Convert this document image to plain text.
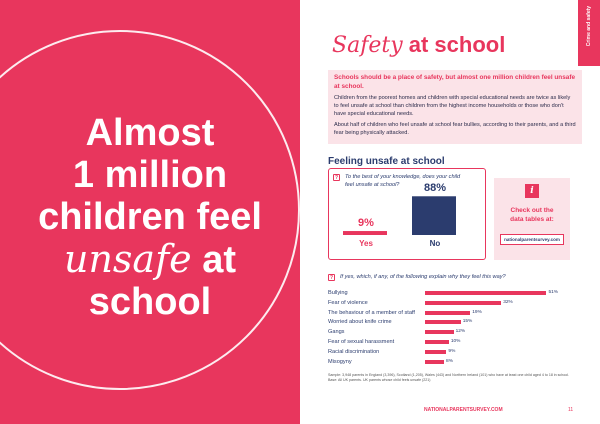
Almost
1 million
children feel
unsafe at
school
Crime and safety
Safety at school

Schools should be a place of safety, but almost one million children feel unsafe at school.

Children from the poorest homes and children with special educational needs are twice as likely to feel unsafe at school than children from the highest income households or those who don't have special educational needs.

About half of children who feel unsafe at school fear bullies, according to their parents, and a third fear being physically attacked.

Feeling unsafe at school
?	To the best of your knowledge, does your child feel unsafe at school?
9%
88%
Yes	No
i
Check out the
data tables at:
nationalparentsurvey.com
?	If yes, which, if any, of the following explain why they feel this way?
Bullying	51%
Fear of violence	32%
The behaviour of a member of staff	19%
Worried about knife crime	15%
Gangs	12%
Fear of sexual harassment	10%
Racial discrimination	9%
Misogyny	8%
Sample: 3,948 parents in England (3,396), Scotland (1,205), Wales (443) and Northern Ireland (101) who have at least one child aged 4 to 18 in school. Base: All UK parents. UK parents whose child feels unsafe (221)
NATIONALPARENTSURVEY.COM	11
